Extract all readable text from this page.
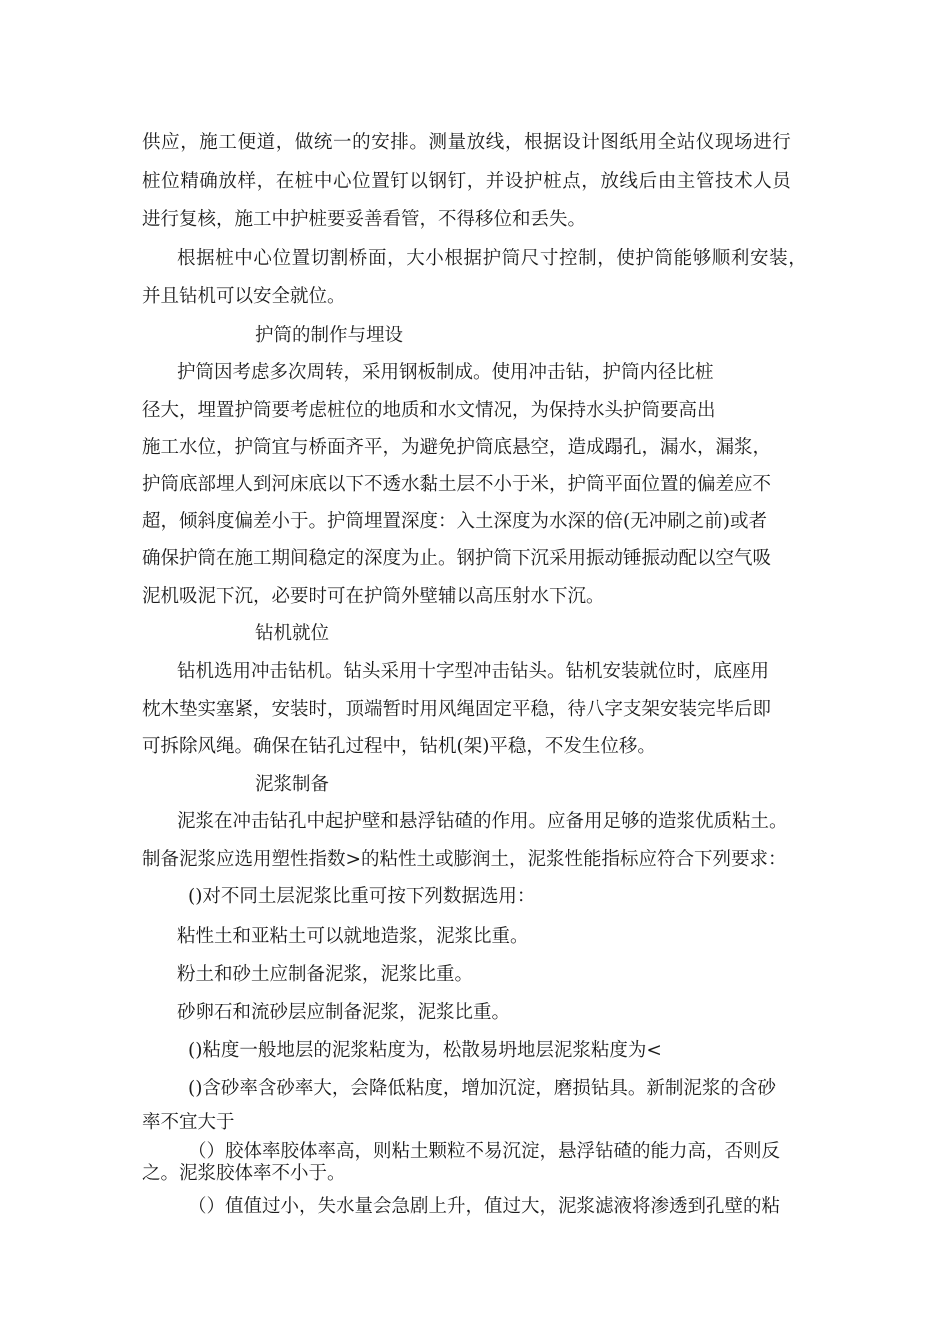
供应，施工便道，做统一的安排。测量放线，根据设计图纸用全站仪现场进行
桩位精确放样，在桩中心位置钉以钢钉，并设护桩点，放线后由主管技术人员
进行复核，施工中护桩要妥善看管，不得移位和丢失。
根据桩中心位置切割桥面，大小根据护筒尺寸控制，使护筒能够顺利安装，
并且钻机可以安全就位。
护筒的制作与埋设
护筒因考虑多次周转，采用钢板制成。使用冲击钻，护筒内径比桩
径大，埋置护筒要考虑桩位的地质和水文情况，为保持水头护筒要高出
施工水位，护筒宜与桥面齐平，为避免护筒底悬空，造成蹋孔，漏水，漏浆，
护筒底部埋人到河床底以下不透水黏土层不小于米，护筒平面位置的偏差应不
超，倾斜度偏差小于。护筒埋置深度：入土深度为水深的倍(无冲刷之前)或者
确保护筒在施工期间稳定的深度为止。钢护筒下沉采用振动锤振动配以空气吸
泥机吸泥下沉，必要时可在护筒外壁辅以高压射水下沉。
钻机就位
钻机选用冲击钻机。钻头采用十字型冲击钻头。钻机安装就位时，底座用
枕木垫实塞紧，安装时，顶端暂时用风绳固定平稳，待八字支架安装完毕后即
可拆除风绳。确保在钻孔过程中，钻机(架)平稳，不发生位移。
泥浆制备
泥浆在冲击钻孔中起护壁和悬浮钻碴的作用。应备用足够的造浆优质粘土。
制备泥浆应选用塑性指数>的粘性土或膨润土，泥浆性能指标应符合下列要求：
()对不同土层泥浆比重可按下列数据选用：
粘性土和亚粘土可以就地造浆，泥浆比重。
粉土和砂土应制备泥浆，泥浆比重。
砂卵石和流砂层应制备泥浆，泥浆比重。
()粘度一般地层的泥浆粘度为，松散易坍地层泥浆粘度为<
()含砂率含砂率大，会降低粘度，增加沉淀，磨损钻具。新制泥浆的含砂
率不宜大于
（）胶体率胶体率高，则粘土颗粒不易沉淀，悬浮钻碴的能力高，否则反
之。泥浆胶体率不小于。
（）值值过小，失水量会急剧上升，值过大，泥浆滤液将渗透到孔壁的粘
